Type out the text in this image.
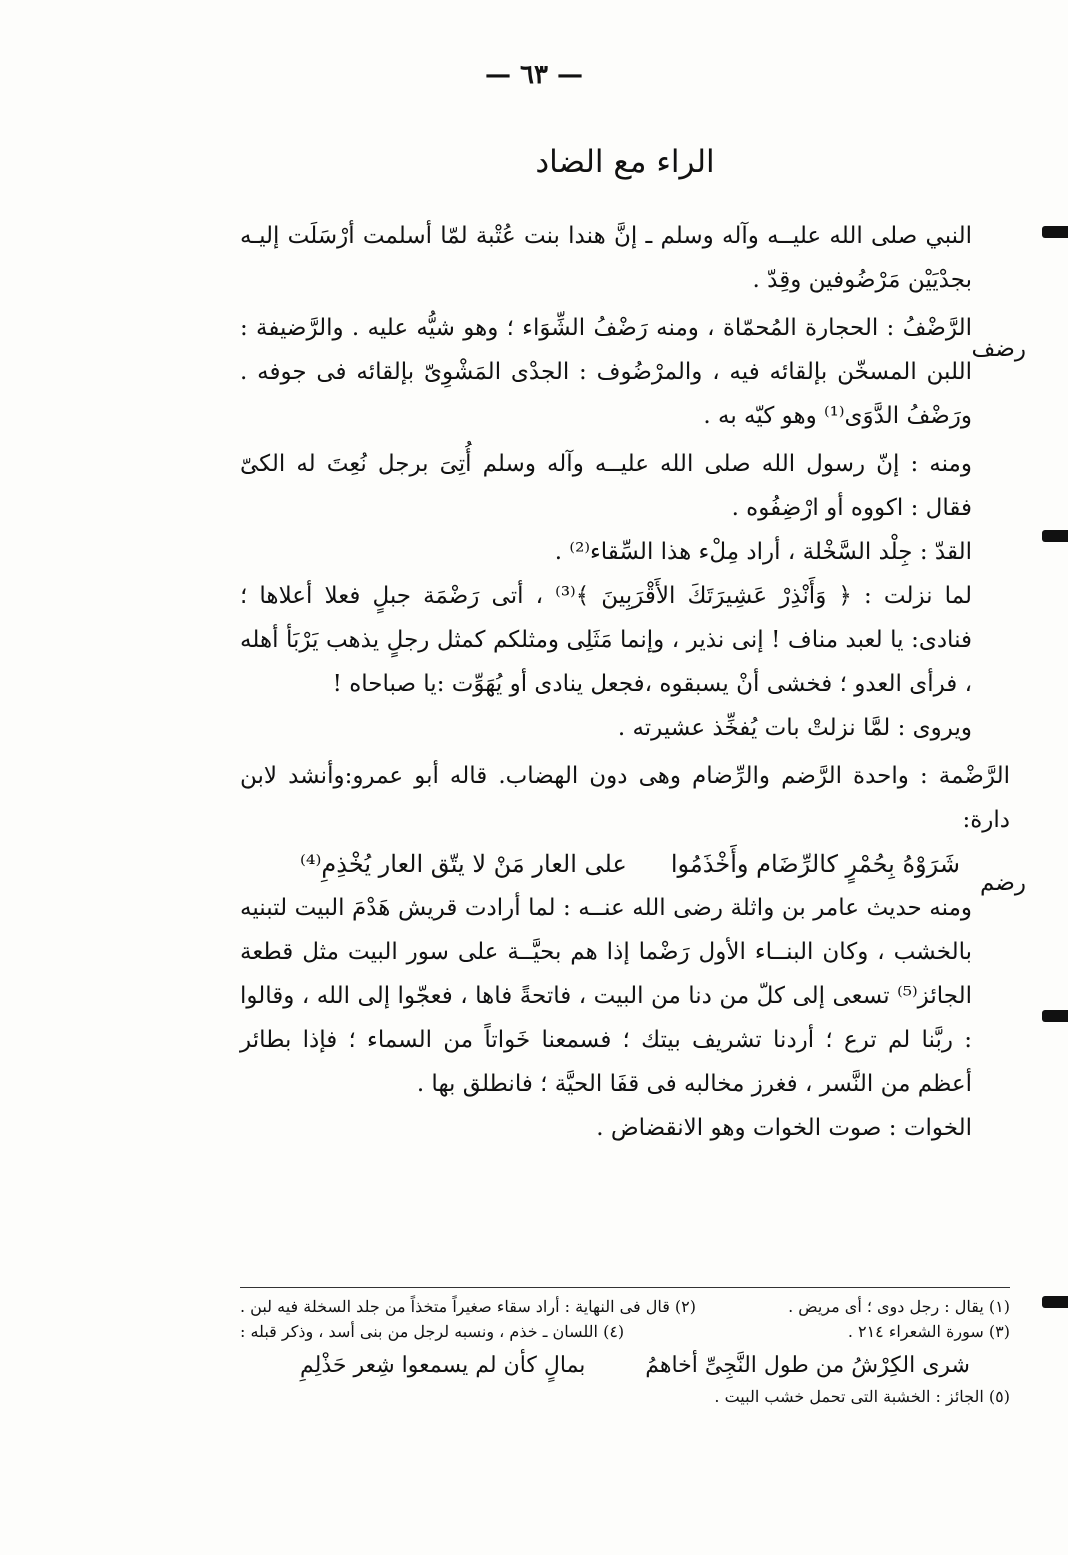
— ٦٣ —
الراء مع الضاد
رضف
رضم

النبي صلى الله عليــه وآله وسلم ـ إنَّ هندا بنت عُتْبة لمّا أسلمت أرْسَلَت إليـه بجدْيَيْن مَرْضُوفين وقِدّ .

الرَّضْفُ : الحجارة المُحمّاة ، ومنه رَضْفُ الشِّوَاء ؛ وهو شيُّه عليه . والرَّضيفة : اللبن المسخّن بإلقائه فيه ، والمرْضُوف : الجدْى المَشْوِىّ بإلقائه فى جوفه . ورَضْفُ الدَّوَى⁽¹⁾ وهو كيّه به .

ومنه : إنّ رسول الله صلى الله عليــه وآله وسلم أُتِىَ برجل نُعِتَ له الكىّ فقال : اكووه أو ارْضِفُوه .

القدّ : جِلْد السَّخْلة ، أراد مِلْء هذا السِّقاء⁽²⁾ .

لما نزلت : ﴿ وَأَنْذِرْ عَشِيرَتَكَ الأَقْرَبِينَ ﴾⁽³⁾ ، أتى رَضْمَة جبلٍ فعلا أعلاها ؛ فنادى: يا لعبد مناف ! إنى نذير ، وإنما مَثَلِى ومثلكم كمثل رجلٍ يذهب يَرْبَأ أهله ، فرأى العدو ؛ فخشى أنْ يسبقوه ،فجعل ينادى أو يُهَوِّت :يا صباحاه !

ويروى : لمَّا نزلتْ بات يُفخِّذ عشيرته .

الرَّضْمة : واحدة الرَّضم والرِّضام وهى دون الهضاب. قاله أبو عمرو:وأنشد لابن دارة:

شَرَوْهُ بِحُمْرٍ كالرِّضَام وأَخْذَمُوا
على العار مَنْ لا يتّق العار يُخْذِمِ⁽⁴⁾

ومنه حديث عامر بن واثلة رضى الله عنــه : لما أرادت قريش هَدْمَ البيت لتبنيه بالخشب ، وكان البنــاء الأول رَضْما إذا هم بحيَّــة على سور البيت مثل قطعة الجائز⁽⁵⁾ تسعى إلى كلّ من دنا من البيت ، فاتحةً فاها ، فعجّوا إلى الله ، وقالوا : ربَّنا لم ترع ؛ أردنا تشريف بيتك ؛ فسمعنا خَواتاً من السماء ؛ فإذا بطائر أعظم من النَّسر ، فغرز مخالبه فى قفَا الحيَّة ؛ فانطلق بها .

الخوات : صوت الخوات وهو الانقضاض .

(١) يقال : رجل دوى ؛ أى مريض .
(٢) قال فى النهاية : أراد سقاء صغيراً متخذاً من جلد السخلة فيه لبن .
(٣) سورة الشعراء ٢١٤ .
(٤) اللسان ـ خذم ، ونسبه لرجل من بنى أسد ، وذكر قبله :
شرى الكِرْشُ من طول النَّجِىِّ أخاهمُ
بمالٍ كأن لم يسمعوا شِعر حَذْلِمِ
(٥) الجائز : الخشبة التى تحمل خشب البيت .
